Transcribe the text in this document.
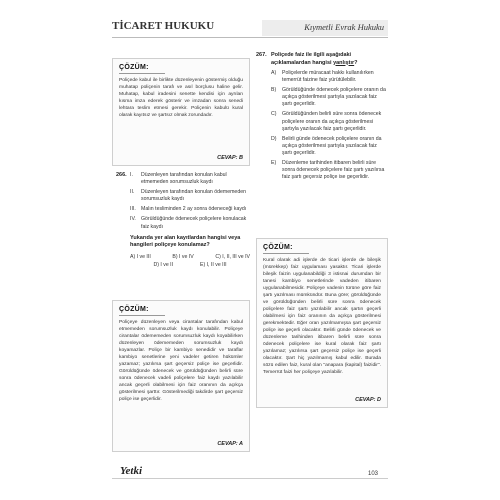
TİCARET HUKUKU	Kıymetli Evrak Hukuku
ÇÖZÜM:
Poliçede kabul ile birlikte düzenleyenin göstermiş olduğu muhatap poliçenin tarafı ve asıl borçlusu haline gelir. Muhatap, kabul iradesini senette kendisi için ayrılan kısma imza ederek gösterir ve imzadan sonra senedi lehtara teslim etmesi gerekir. Poliçenin kabulü kural olarak kayıtsız ve şartsız olmak zorundadır.
CEVAP: B
266. I.	Düzenleyen tarafından konulan kabul etmemeden sorumsuzluk kaydı
II.	Düzenleyen tarafından konulan ödememeden sorumsuzluk kaydı
III.	Malın tesliminden 2 ay sonra ödeneceği kaydı
IV. Görüldüğünde ödenecek poliçelere konulacak faiz kaydı
Yukarıda yer alan kayıtlardan hangisi veya hangileri poliçeye konulamaz?
A) I ve III	B) I ve IV	C) I, II, III ve IV
D) I ve II	E) I, II ve III
ÇÖZÜM:
Poliçeye düzenleyen veya cirantalar tarafından kabul etmemeden sorumsuzluk kaydı konulabilir. Poliçeye cirantalar ödememeden sorumsuzluk kaydı koyabilirken düzenleyen ödememeden sorumsuzluk kaydı koyamazlar. Poliçe bir kambiyo senedidir ve taraflar kambiyo senetlerine yeni vadeler getiren hükümler yazamaz; yazılırsa şart geçersiz poliçe ise geçerlidir. Görüldüğünde ödenecek ve görüldüğünden belirli süre sonra ödenecek vadeli poliçelere faiz kaydı yazılabilir ancak geçerli olabilmesi için faiz oranının da açıkça gösterilmesi şarttır. Gösterilmediği takdirde şart geçersiz poliçe ise geçerlidir.
CEVAP: A
267. Poliçede faiz ile ilgili aşağıdaki açıklamalardan hangisi yanlıştır?
A)	Poliçelerde müracaat hakkı kullanılırken temerrüt faizine faiz yürütülebilir.
B)	Görüldüğünde ödenecek poliçelere oranın da açıkça gösterilmesi şartıyla yazılacak faiz şartı geçerlidir.
C)	Görüldüğünden belirli süre sonra ödenecek poliçelere oranın da açıkça gösterilmesi şartıyla yazılacak faiz şartı geçerlidir.
D)	Belirli günde ödenecek poliçelere oranın da açıkça gösterilmesi şartıyla yazılacak faiz şartı geçerlidir.
E)	Düzenleme tarihinden itibaren belirli süre sonra ödenecek poliçelere faiz şartı yazılırsa faiz şartı geçersiz poliçe ise geçerlidir.
ÇÖZÜM:
Kural olarak adi işlerde de ticari işlerde de bileşik (mürekkep) faiz uygulaması yasaktır. Ticari işlerde bileşik faizin uygulanabildiği 3 istisnai durumdan bir tanesi kambiyo senetlerinde vadeden itibaren uygulanabilmesidir. Poliçeye vadenin türüne göre faiz şartı yazılması mümkündür. Buna göre; görüldüğünde ve görüldüğünden belirli süre sonra ödenecek poliçelere faiz şartı yazılabilir ancak şartın geçerli olabilmesi için faiz oranının da açıkça gösterilmesi gerekmektedir. Eğer oran yazılmamışsa şart geçersiz poliçe ise geçerli olacaktır. Belirli günde ödenecek ve düzenleme tarihinden itibaren belirli süre sonra ödenecek poliçelere ise kural olarak faiz şartı yazılamaz; yazılırsa şart geçersiz poliçe ise geçerli olacaktır. Şart hiç yazılmamış kabul edilir. Burada sözü edilen faiz, kural olan "anapara (kapital) faizidir". Temerrüt faizi her poliçeye yazılabilir.
CEVAP: D
Yetki	103
